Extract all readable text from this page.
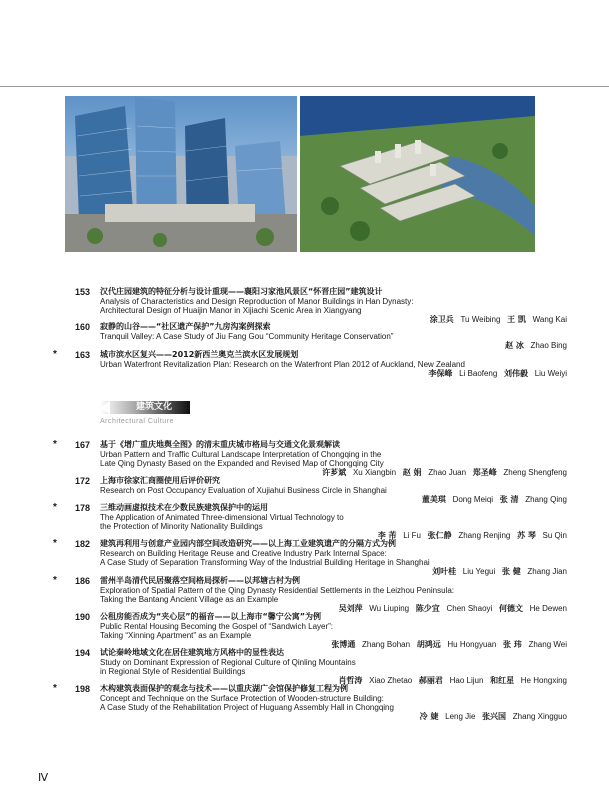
建筑文化
Architectural Culture
153 汉代庄园建筑的特征分析与设计重现——襄阳习家池风景区“怀晋庄园”建筑设计
Analysis of Characteristics and Design Reproduction of Manor Buildings in Han Dynasty:
Architectural Design of Huaijin Manor in Xijiachi Scenic Area in Xiangyang
涂卫兵 Tu Weibing 王 凯 Wang Kai
160 寂静的山谷——“社区遗产保护”九房沟案例探索
Tranquil Valley: A Case Study of Jiu Fang Gou “Community Heritage Conservation”
赵 冰 Zhao Bing
*	163 城市滨水区复兴——2012新西兰奥克兰滨水区发展规划
Urban Waterfront Revitalization Plan: Research on the Waterfront Plan 2012 of Auckland, New Zealand
李保峰 Li Baofeng 刘伟毅 Liu Weiyi
*	167 基于《增广重庆地舆全图》的清末重庆城市格局与交通文化景观解读
Urban Pattern and Traffic Cultural Landscape Interpretation of Chongqing in the
Late Qing Dynasty Based on the Expanded and Revised Map of Chongqing City
许芗斌 Xu Xiangbin 赵 娟 Zhao Juan 郑圣峰 Zheng Shengfeng
172 上海市徐家汇商圈使用后评价研究
Research on Post Occupancy Evaluation of Xujiahui Business Circle in Shanghai
董美琪 Dong Meiqi 张 清 Zhang Qing
*	178 三维动画虚拟技术在少数民族建筑保护中的运用
The Application of Animated Three-dimensional Virtual Technology to
the Protection of Minority Nationality Buildings
李 芾 Li Fu 张仁静 Zhang Renjing 苏 琴 Su Qin
*	182 建筑再利用与创意产业园内部空间改造研究——以上海工业建筑遗产的分隔方式为例
Research on Building Heritage Reuse and Creative Industry Park Internal Space:
A Case Study of Separation Transforming Way of the Industrial Building Heritage in Shanghai
刘叶桂 Liu Yegui 张 健 Zhang Jian
*	186 雷州半岛清代民居聚落空间格局探析——以邦塘古村为例
Exploration of Spatial Pattern of the Qing Dynasty Residential Settlements in the Leizhou Peninsula:
Taking the Bantang Ancient Village as an Example
吴刘萍 Wu Liuping 陈少宜 Chen Shaoyi 何德文 He Dewen
190 公租房能否成为“夹心层”的福音——以上海市“馨宁公寓”为例
Public Rental Housing Becoming the Gospel of “Sandwich Layer”:
Taking “Xinning Apartment” as an Example
张博通 Zhang Bohan 胡鸿远 Hu Hongyuan 张 玮 Zhang Wei
194 试论秦岭地域文化在居住建筑地方风格中的显性表达
Study on Dominant Expression of Regional Culture of Qinling Mountains
in Regional Style of Residential Buildings
肖哲涛 Xiao Zhetao 郝丽君 Hao Lijun 和红星 He Hongxing
*	198 木构建筑表面保护的观念与技术——以重庆湖广会馆保护修复工程为例
Concept and Technique on the Surface Protection of Wooden-structure Building:
A Case Study of the Rehabilitation Project of Huguang Assembly Hall in Chongqing
冷 婕 Leng Jie 张兴国 Zhang Xingguo
Ⅳ
